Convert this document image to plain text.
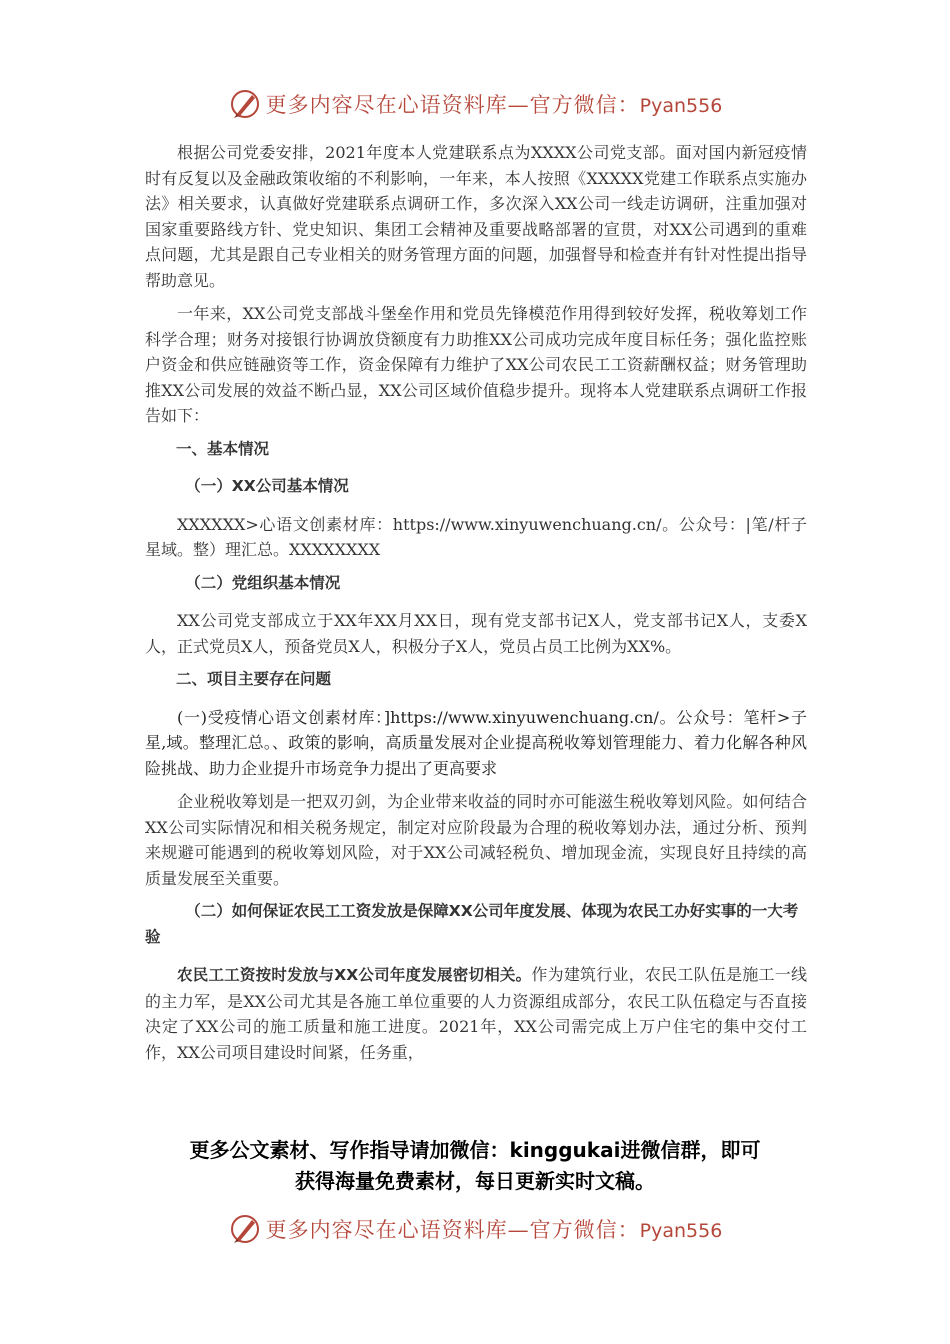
更多内容尽在心语资料库—官方微信：Pyan556

根据公司党委安排，2021年度本人党建联系点为XXXX公司党支部。面对国内新冠疫情时有反复以及金融政策收缩的不利影响，一年来，本人按照《XXXXX党建工作联系点实施办法》相关要求，认真做好党建联系点调研工作，多次深入XX公司一线走访调研，注重加强对国家重要路线方针、党史知识、集团工会精神及重要战略部署的宣贯，对XX公司遇到的重难点问题，尤其是跟自己专业相关的财务管理方面的问题，加强督导和检查并有针对性提出指导帮助意见。

一年来，XX公司党支部战斗堡垒作用和党员先锋模范作用得到较好发挥，税收筹划工作科学合理；财务对接银行协调放贷额度有力助推XX公司成功完成年度目标任务；强化监控账户资金和供应链融资等工作，资金保障有力维护了XX公司农民工工资薪酬权益；财务管理助推XX公司发展的效益不断凸显，XX公司区域价值稳步提升。现将本人党建联系点调研工作报告如下：

一、基本情况

（一）XX公司基本情况

XXXXXX>心语文创素材库：https://www.xinyuwenchuang.cn/。公众号：|笔/杆子星域。整）理汇总。XXXXXXXX

（二）党组织基本情况

XX公司党支部成立于XX年XX月XX日，现有党支部书记X人，党支部书记X人，支委X人，正式党员X人，预备党员X人，积极分子X人，党员占员工比例为XX%。

二、项目主要存在问题

(一)受疫情心语文创素材库：]https://www.xinyuwenchuang.cn/。公众号：笔杆>子星,域。整理汇总。、政策的影响，高质量发展对企业提高税收筹划管理能力、着力化解各种风险挑战、助力企业提升市场竞争力提出了更高要求

企业税收筹划是一把双刃剑，为企业带来收益的同时亦可能滋生税收筹划风险。如何结合XX公司实际情况和相关税务规定，制定对应阶段最为合理的税收筹划办法，通过分析、预判来规避可能遇到的税收筹划风险，对于XX公司减轻税负、增加现金流，实现良好且持续的高质量发展至关重要。

（二）如何保证农民工工资发放是保障XX公司年度发展、体现为农民工办好实事的一大考验

农民工工资按时发放与XX公司年度发展密切相关。作为建筑行业，农民工队伍是施工一线的主力军，是XX公司尤其是各施工单位重要的人力资源组成部分，农民工队伍稳定与否直接决定了XX公司的施工质量和施工进度。2021年，XX公司需完成上万户住宅的集中交付工作，XX公司项目建设时间紧，任务重，

更多公文素材、写作指导请加微信：kinggukai进微信群，即可
获得海量免费素材，每日更新实时文稿。
更多内容尽在心语资料库—官方微信：Pyan556
